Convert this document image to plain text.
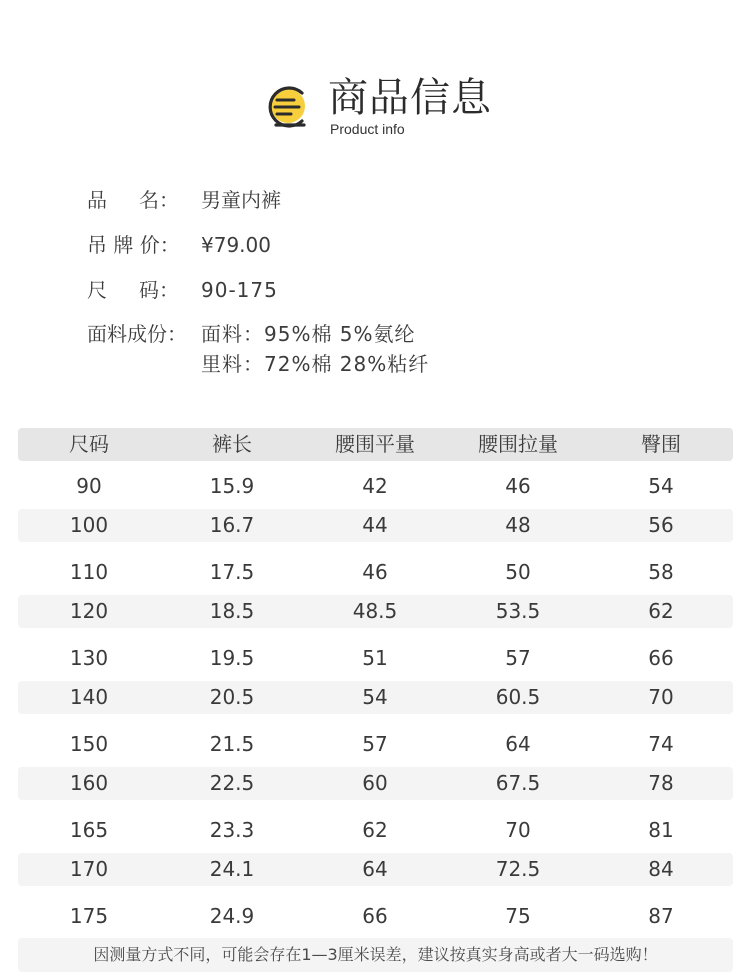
商品信息
Product info
品 名： 男童内裤
吊 牌 价： ¥79.00
尺 码： 90-175
面料成份： 面料：95%棉 5%氨纶
里料：72%棉 28%粘纤
尺码	裤长	腰围平量	腰围拉量	臀围
90	15.9	42	46	54
100	16.7	44	48	56
110	17.5	46	50	58
120	18.5	48.5	53.5	62
130	19.5	51	57	66
140	20.5	54	60.5	70
150	21.5	57	64	74
160	22.5	60	67.5	78
165	23.3	62	70	81
170	24.1	64	72.5	84
175	24.9	66	75	87
因测量方式不同，可能会存在1—3厘米误差，建议按真实身高或者大一码选购！
